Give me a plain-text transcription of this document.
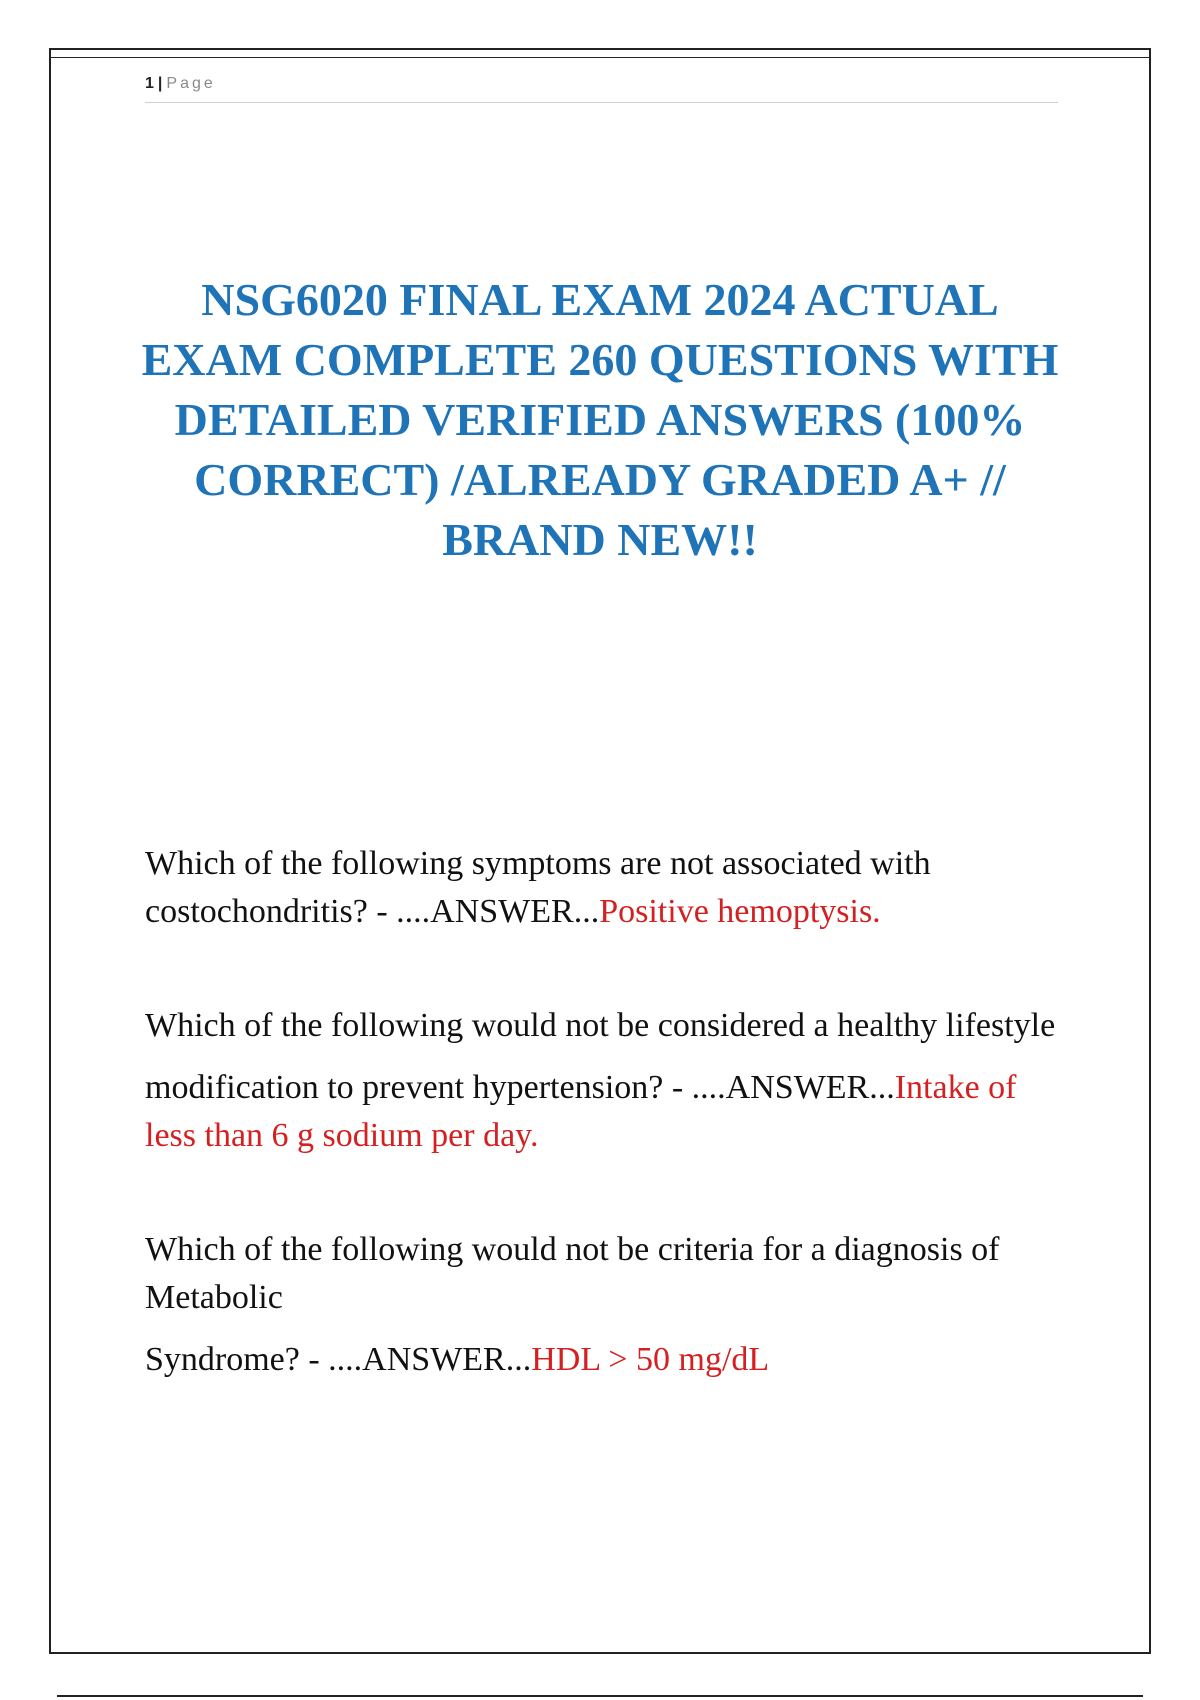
1 | Page
NSG6020 FINAL EXAM 2024 ACTUAL EXAM COMPLETE 260 QUESTIONS WITH DETAILED VERIFIED ANSWERS (100% CORRECT) /ALREADY GRADED A+ // BRAND NEW!!

Which of the following symptoms are not associated with costochondritis? - ....ANSWER...Positive hemoptysis.

Which of the following would not be considered a healthy lifestyle

modification to prevent hypertension? - ....ANSWER...Intake of less than 6 g sodium per day.

Which of the following would not be criteria for a diagnosis of Metabolic

Syndrome? - ....ANSWER...HDL > 50 mg/dL
